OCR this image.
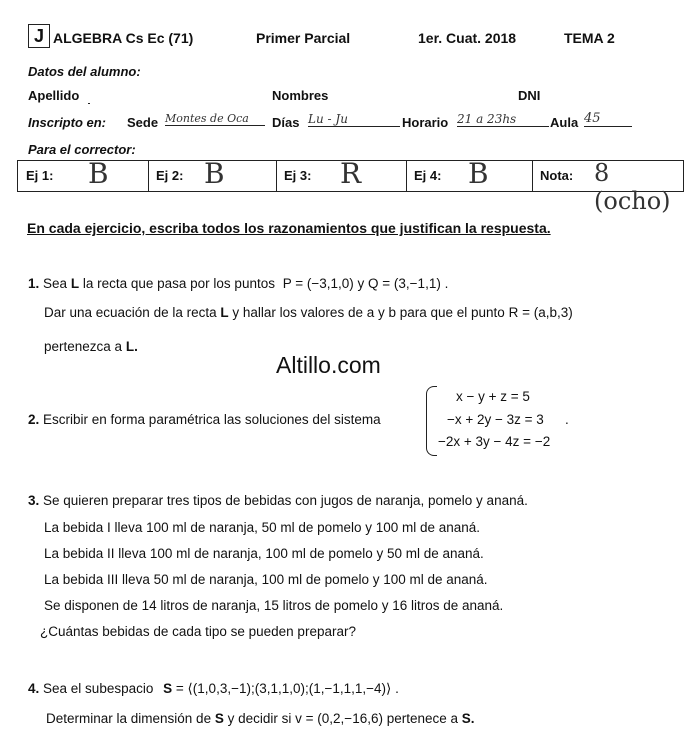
J ALGEBRA Cs Ec (71)	Primer Parcial	1er. Cuat. 2018	TEMA 2
Datos del alumno:
Apellido	Nombres	DNI
Inscripto en: Sede Montes de Oca	Días Lu - Ju	Horario 21 a 23hs	Aula 45
Para el corrector:
Ej 1: B	Ej 2: B	Ej 3: R	Ej 4: B	Nota: 8 (ocho)
En cada ejercicio, escriba todos los razonamientos que justifican la respuesta.
1. Sea L la recta que pasa por los puntos P = (−3,1,0) y Q = (3,−1,1) .
Dar una ecuación de la recta L y hallar los valores de a y b para que el punto R = (a,b,3)
pertenezca a L.
Altillo.com
2. Escribir en forma paramétrica las soluciones del sistema
x − y + z = 5
−x + 2y − 3z = 3 .
−2x + 3y − 4z = −2
3. Se quieren preparar tres tipos de bebidas con jugos de naranja, pomelo y ananá.
La bebida I lleva 100 ml de naranja, 50 ml de pomelo y 100 ml de ananá.
La bebida II lleva 100 ml de naranja, 100 ml de pomelo y 50 ml de ananá.
La bebida III lleva 50 ml de naranja, 100 ml de pomelo y 100 ml de ananá.
Se disponen de 14 litros de naranja, 15 litros de pomelo y 16 litros de ananá.
¿Cuántas bebidas de cada tipo se pueden preparar?
4. Sea el subespacio S = ⟨(1,0,3,−1);(3,1,1,0);(1,−1,1,1,−4)⟩ .
Determinar la dimensión de S y decidir si v = (0,2,−16,6) pertenece a S.
